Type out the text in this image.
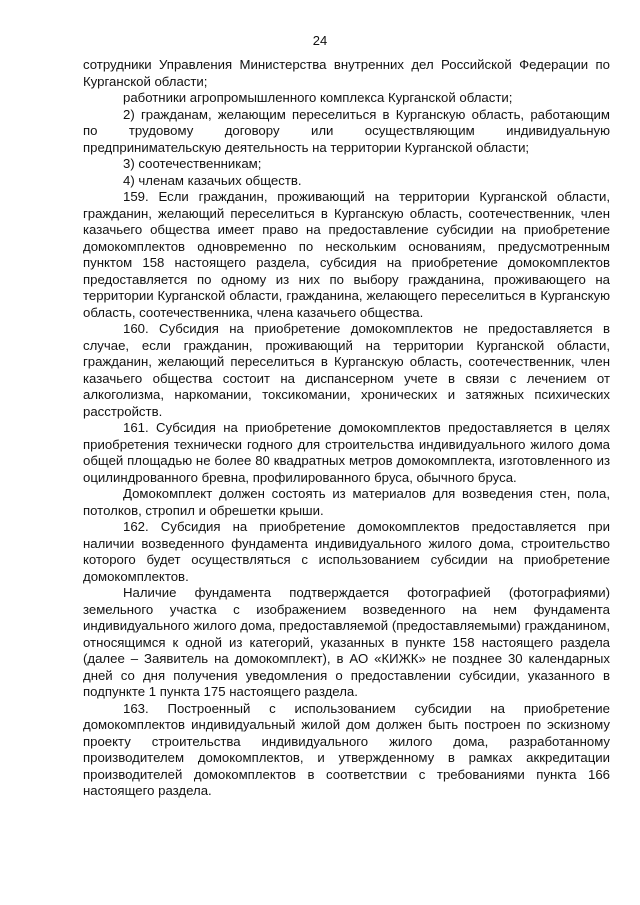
24

сотрудники Управления Министерства внутренних дел Российской Федерации по Курганской области;

работники агропромышленного комплекса Курганской области;

2) гражданам, желающим переселиться в Курганскую область, работающим по трудовому договору или осуществляющим индивидуальную предпринимательскую деятельность на территории Курганской области;

3) соотечественникам;

4) членам казачьих обществ.

159. Если гражданин, проживающий на территории Курганской области, гражданин, желающий переселиться в Курганскую область, соотечественник, член казачьего общества имеет право на предоставление субсидии на приобретение домокомплектов одновременно по нескольким основаниям, предусмотренным пунктом 158 настоящего раздела, субсидия на приобретение домокомплектов предоставляется по одному из них по выбору гражданина, проживающего на территории Курганской области, гражданина, желающего переселиться в Курганскую область, соотечественника, члена казачьего общества.

160. Субсидия на приобретение домокомплектов не предоставляется в случае, если гражданин, проживающий на территории Курганской области, гражданин, желающий переселиться в Курганскую область, соотечественник, член казачьего общества состоит на диспансерном учете в связи с лечением от алкоголизма, наркомании, токсикомании, хронических и затяжных психических расстройств.

161. Субсидия на приобретение домокомплектов предоставляется в целях приобретения технически годного для строительства индивидуального жилого дома общей площадью не более 80 квадратных метров домокомплекта, изготовленного из оцилиндрованного бревна, профилированного бруса, обычного бруса.

Домокомплект должен состоять из материалов для возведения стен, пола, потолков, стропил и обрешетки крыши.

162. Субсидия на приобретение домокомплектов предоставляется при наличии возведенного фундамента индивидуального жилого дома, строительство которого будет осуществляться с использованием субсидии на приобретение домокомплектов.

Наличие фундамента подтверждается фотографией (фотографиями) земельного участка с изображением возведенного на нем фундамента индивидуального жилого дома, предоставляемой (предоставляемыми) гражданином, относящимся к одной из категорий, указанных в пункте 158 настоящего раздела (далее – Заявитель на домокомплект), в АО «КИЖК» не позднее 30 календарных дней со дня получения уведомления о предоставлении субсидии, указанного в подпункте 1 пункта 175 настоящего раздела.

163. Построенный с использованием субсидии на приобретение домокомплектов индивидуальный жилой дом должен быть построен по эскизному проекту строительства индивидуального жилого дома, разработанному производителем домокомплектов, и утвержденному в рамках аккредитации производителей домокомплектов в соответствии с требованиями пункта 166 настоящего раздела.
